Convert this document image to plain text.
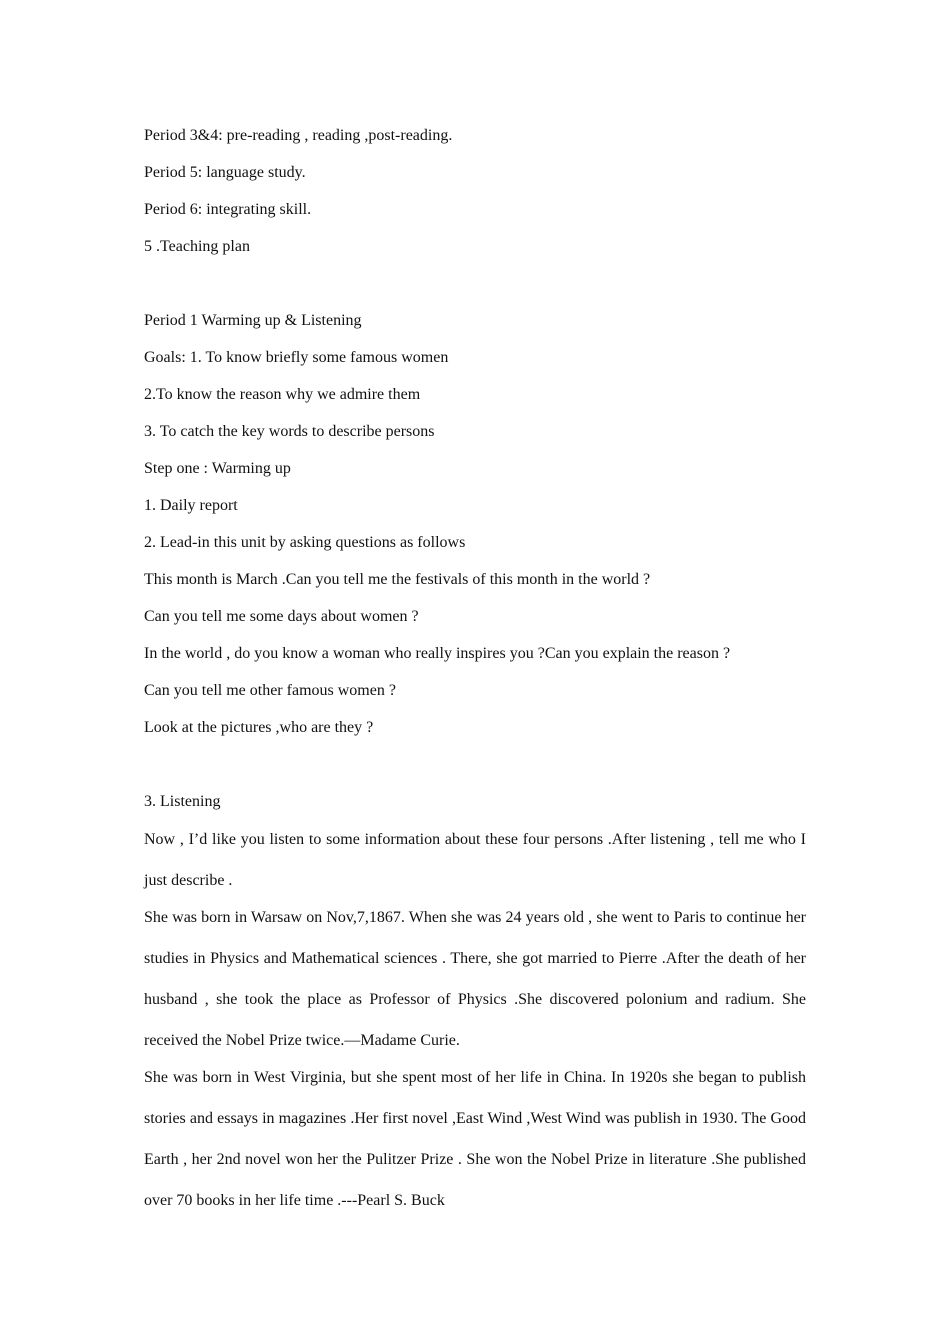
Period 3&4: pre-reading , reading ,post-reading.

Period 5: language study.

Period 6: integrating skill.

5 .Teaching plan

Period 1 Warming up & Listening

Goals: 1. To know briefly some famous women

2.To know the reason why we admire them

3. To catch the key words to describe persons

Step one : Warming up

1. Daily report

2. Lead-in this unit by asking questions as follows

This month is March .Can you tell me the festivals of this month in the world ?

Can you tell me some days about women ?

In the world , do you know a woman who really inspires you ?Can you explain the reason ?

Can you tell me other famous women ?

Look at the pictures ,who are they ?

3. Listening

Now , I’d like you listen to some information about these four persons .After listening , tell me who I just describe .

She was born in Warsaw on Nov,7,1867. When she was 24 years old , she went to Paris to continue her studies in Physics and Mathematical sciences . There, she got married to Pierre .After the death of her husband , she took the place as Professor of Physics .She discovered polonium and radium. She received the Nobel Prize twice.—Madame Curie.

She was born in West Virginia, but she spent most of her life in China. In 1920s she began to publish stories and essays in magazines .Her first novel ,East Wind ,West Wind was publish in 1930. The Good Earth , her 2nd novel won her the Pulitzer Prize . She won the Nobel Prize in literature .She published over 70 books in her life time .---Pearl S. Buck
